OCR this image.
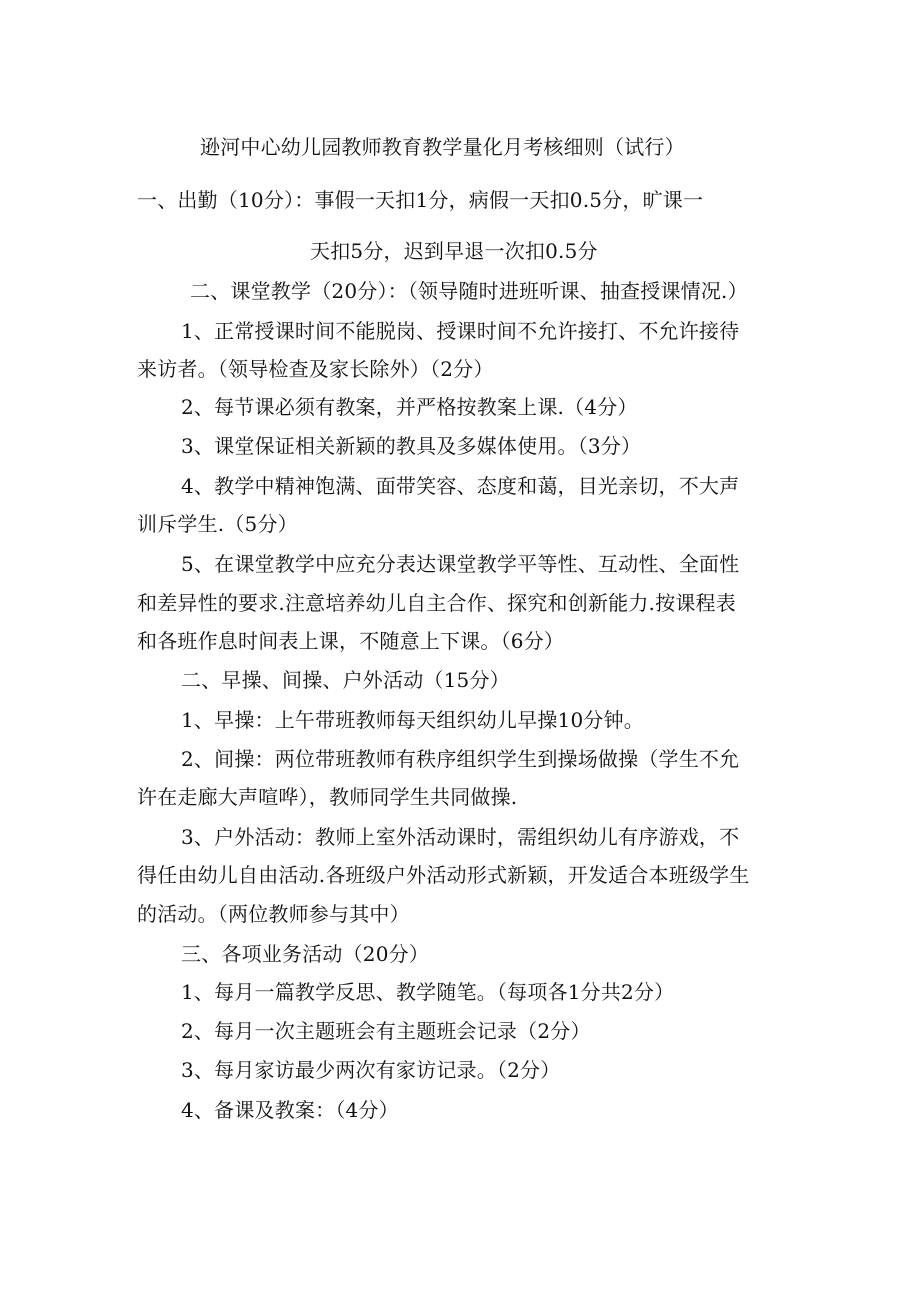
逊河中心幼儿园教师教育教学量化月考核细则（试行）
一、出勤（10分）：事假一天扣1分，病假一天扣0.5分，旷课一
天扣5分，迟到早退一次扣0.5分
二、课堂教学（20分）：（领导随时进班听课、抽查授课情况.）
1、正常授课时间不能脱岗、授课时间不允许接打、不允许接待
来访者。（领导检查及家长除外）（2分）
2、每节课必须有教案，并严格按教案上课.（4分）
3、课堂保证相关新颖的教具及多媒体使用。（3分）
4、教学中精神饱满、面带笑容、态度和蔼，目光亲切，不大声
训斥学生.（5分）
5、在课堂教学中应充分表达课堂教学平等性、互动性、全面性
和差异性的要求.注意培养幼儿自主合作、探究和创新能力.按课程表
和各班作息时间表上课，不随意上下课。（6分）
二、早操、间操、户外活动（15分）
1、早操：上午带班教师每天组织幼儿早操10分钟。
2、间操：两位带班教师有秩序组织学生到操场做操（学生不允
许在走廊大声喧哗），教师同学生共同做操.
3、户外活动：教师上室外活动课时，需组织幼儿有序游戏，不
得任由幼儿自由活动.各班级户外活动形式新颖，开发适合本班级学生
的活动。（两位教师参与其中）
三、各项业务活动（20分）
1、每月一篇教学反思、教学随笔。（每项各1分共2分）
2、每月一次主题班会有主题班会记录（2分）
3、每月家访最少两次有家访记录。（2分）
4、备课及教案：（4分）
